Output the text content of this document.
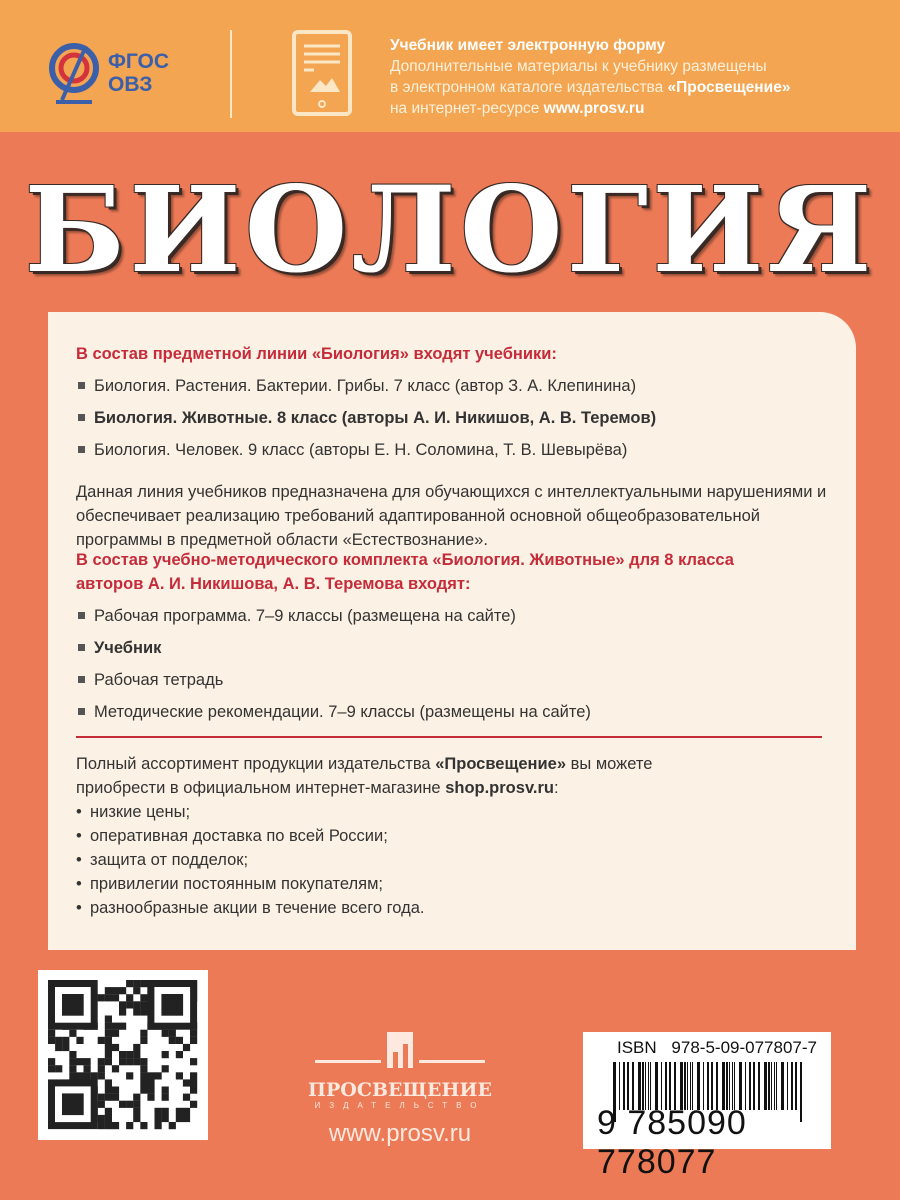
ФГОС
ОВЗ
Учебник имеет электронную форму
Дополнительные материалы к учебнику размещены
в электронном каталоге издательства «Просвещение»
на интернет-ресурсе www.prosv.ru
БИОЛОГИЯ
В состав предметной линии «Биология» входят учебники:
Биология. Растения. Бактерии. Грибы. 7 класс (автор З. А. Клепинина)
Биология. Животные. 8 класс (авторы А. И. Никишов, А. В. Теремов)
Биология. Человек. 9 класс (авторы Е. Н. Соломина, Т. В. Шевырёва)
Данная линия учебников предназначена для обучающихся с интеллектуальными нарушениями и обеспечивает реализацию требований адаптированной основной общеобразовательной программы в предметной области «Естествознание».
В состав учебно-методического комплекта «Биология. Животные» для 8 класса авторов А. И. Никишова, А. В. Теремова входят:
Рабочая программа. 7–9 классы (размещена на сайте)
Учебник
Рабочая тетрадь
Методические рекомендации. 7–9 классы (размещены на сайте)
Полный ассортимент продукции издательства «Просвещение» вы можете приобрести в официальном интернет-магазине shop.prosv.ru:
• низкие цены;
• оперативная доставка по всей России;
• защита от подделок;
• привилегии постоянным покупателям;
• разнообразные акции в течение всего года.
ПРОСВЕЩЕНИЕ
ИЗДАТЕЛЬСТВО
www.prosv.ru
ISBN 978-5-09-077807-7
9 785090 778077
